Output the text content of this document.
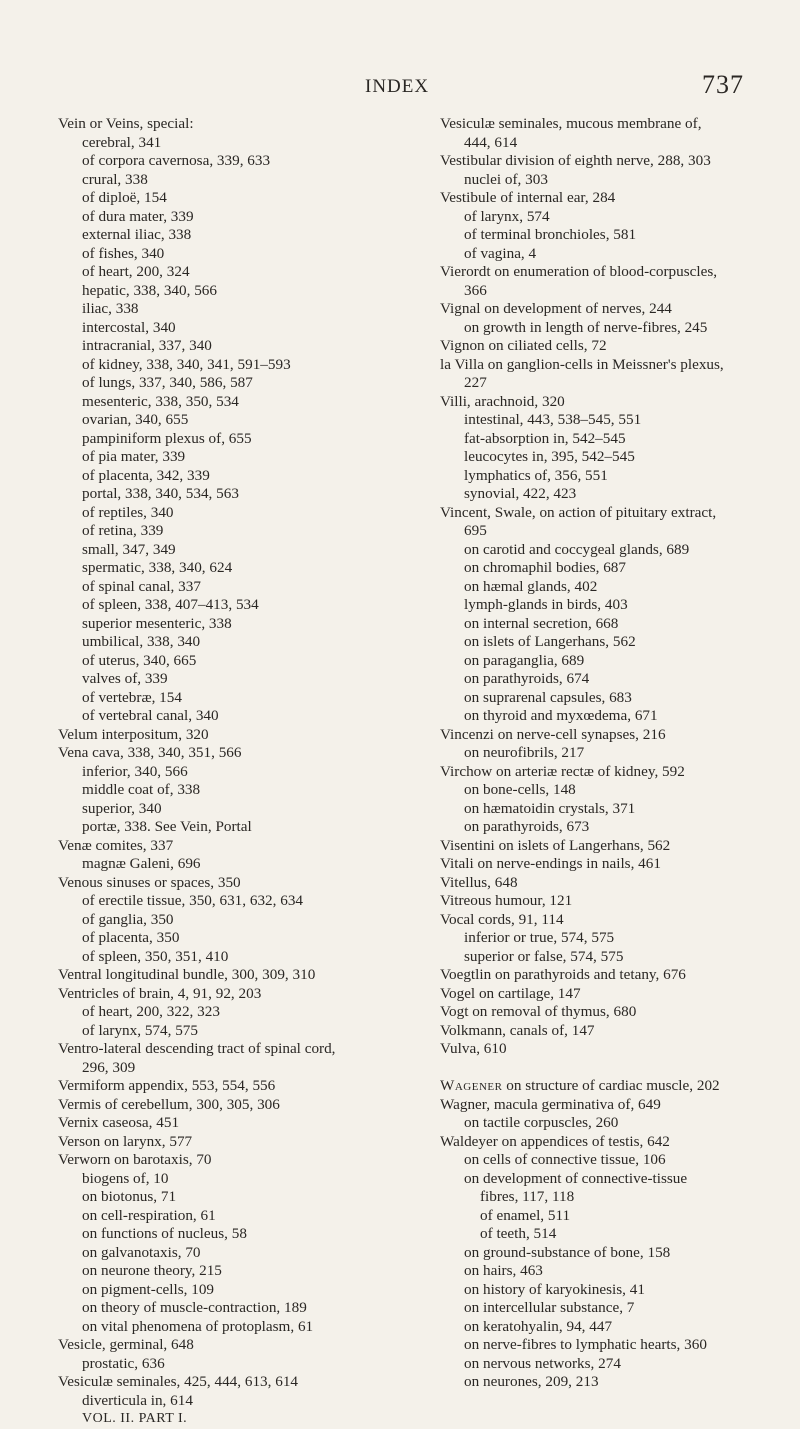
INDEX	737
Vein or Veins, special:
cerebral, 341
of corpora cavernosa, 339, 633
crural, 338
of diploë, 154
of dura mater, 339
external iliac, 338
of fishes, 340
of heart, 200, 324
hepatic, 338, 340, 566
iliac, 338
intercostal, 340
intracranial, 337, 340
of kidney, 338, 340, 341, 591–593
of lungs, 337, 340, 586, 587
mesenteric, 338, 350, 534
ovarian, 340, 655
pampiniform plexus of, 655
of pia mater, 339
of placenta, 342, 339
portal, 338, 340, 534, 563
of reptiles, 340
of retina, 339
small, 347, 349
spermatic, 338, 340, 624
of spinal canal, 337
of spleen, 338, 407–413, 534
superior mesenteric, 338
umbilical, 338, 340
of uterus, 340, 665
valves of, 339
of vertebræ, 154
of vertebral canal, 340
Velum interpositum, 320
Vena cava, 338, 340, 351, 566
inferior, 340, 566
middle coat of, 338
superior, 340
portæ, 338. See Vein, Portal
Venæ comites, 337
magnæ Galeni, 696
Venous sinuses or spaces, 350
of erectile tissue, 350, 631, 632, 634
of ganglia, 350
of placenta, 350
of spleen, 350, 351, 410
Ventral longitudinal bundle, 300, 309, 310
Ventricles of brain, 4, 91, 92, 203
of heart, 200, 322, 323
of larynx, 574, 575
Ventro-lateral descending tract of spinal cord,
296, 309
Vermiform appendix, 553, 554, 556
Vermis of cerebellum, 300, 305, 306
Vernix caseosa, 451
Verson on larynx, 577
Verworn on barotaxis, 70
biogens of, 10
on biotonus, 71
on cell-respiration, 61
on functions of nucleus, 58
on galvanotaxis, 70
on neurone theory, 215
on pigment-cells, 109
on theory of muscle-contraction, 189
on vital phenomena of protoplasm, 61
Vesicle, germinal, 648
prostatic, 636
Vesiculæ seminales, 425, 444, 613, 614
diverticula in, 614
VOL. II. PART I.
Vesiculæ seminales, mucous membrane of,
444, 614
Vestibular division of eighth nerve, 288, 303
nuclei of, 303
Vestibule of internal ear, 284
of larynx, 574
of terminal bronchioles, 581
of vagina, 4
Vierordt on enumeration of blood-corpuscles,
366
Vignal on development of nerves, 244
on growth in length of nerve-fibres, 245
Vignon on ciliated cells, 72
la Villa on ganglion-cells in Meissner's plexus,
227
Villi, arachnoid, 320
intestinal, 443, 538–545, 551
fat-absorption in, 542–545
leucocytes in, 395, 542–545
lymphatics of, 356, 551
synovial, 422, 423
Vincent, Swale, on action of pituitary extract,
695
on carotid and coccygeal glands, 689
on chromaphil bodies, 687
on hæmal glands, 402
lymph-glands in birds, 403
on internal secretion, 668
on islets of Langerhans, 562
on paraganglia, 689
on parathyroids, 674
on suprarenal capsules, 683
on thyroid and myxœdema, 671
Vincenzi on nerve-cell synapses, 216
on neurofibrils, 217
Virchow on arteriæ rectæ of kidney, 592
on bone-cells, 148
on hæmatoidin crystals, 371
on parathyroids, 673
Visentini on islets of Langerhans, 562
Vitali on nerve-endings in nails, 461
Vitellus, 648
Vitreous humour, 121
Vocal cords, 91, 114
inferior or true, 574, 575
superior or false, 574, 575
Voegtlin on parathyroids and tetany, 676
Vogel on cartilage, 147
Vogt on removal of thymus, 680
Volkmann, canals of, 147
Vulva, 610
Wagener on structure of cardiac muscle, 202
Wagner, macula germinativa of, 649
on tactile corpuscles, 260
Waldeyer on appendices of testis, 642
on cells of connective tissue, 106
on development of connective-tissue
fibres, 117, 118
of enamel, 511
of teeth, 514
on ground-substance of bone, 158
on hairs, 463
on history of karyokinesis, 41
on intercellular substance, 7
on keratohyalin, 94, 447
on nerve-fibres to lymphatic hearts, 360
on nervous networks, 274
on neurones, 209, 213
